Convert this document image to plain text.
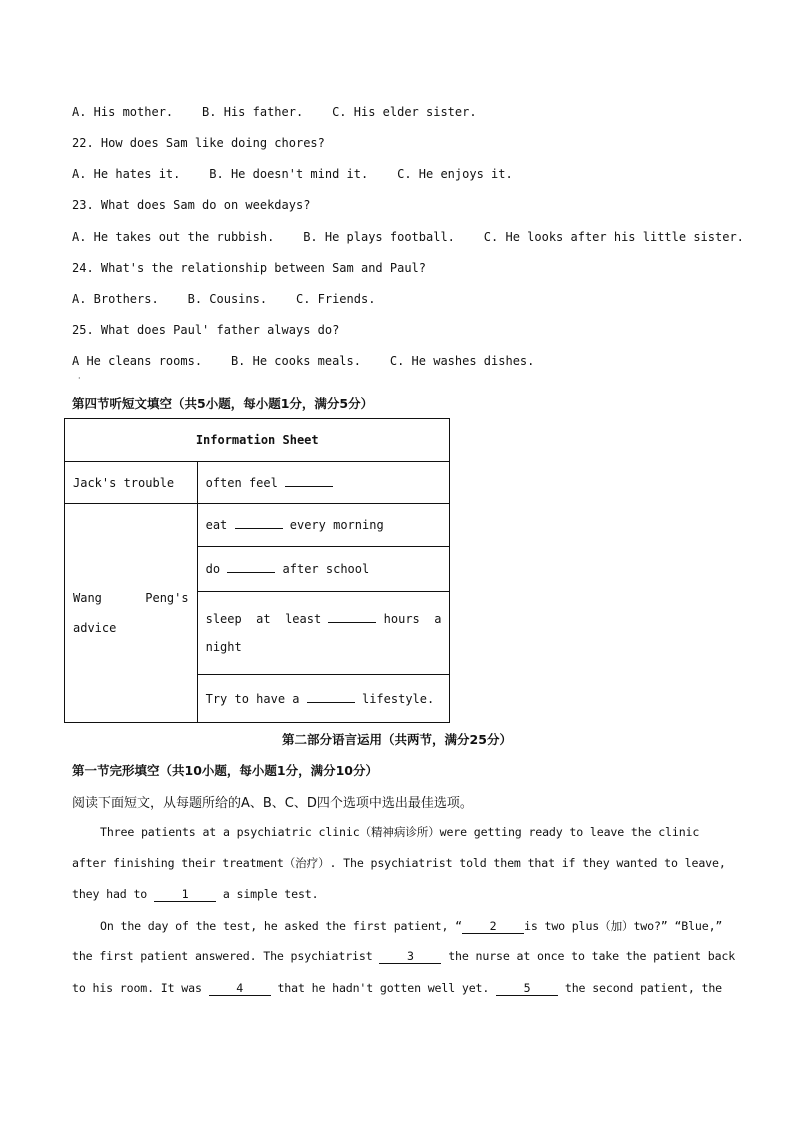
A. His mother.    B. His father.    C. His elder sister.
22. How does Sam like doing chores?
A. He hates it.    B. He doesn't mind it.    C. He enjoys it.
23. What does Sam do on weekdays?
A. He takes out the rubbish.    B. He plays football.    C. He looks after his little sister.
24. What's the relationship between Sam and Paul?
A. Brothers.    B. Cousins.    C. Friends.
25. What does Paul' father always do?
A He cleans rooms.    B. He cooks meals.    C. He washes dishes.
·
第四节听短文填空（共5小题，每小题1分，满分5分）
Information Sheet	
Jack's trouble	often feel

Wang      Peng's
advice	eat every morning
	do after school

	sleep  at  least hours  a
night

	Try to have a lifestyle.
第二部分语言运用（共两节，满分25分）
第一节完形填空（共10小题，每小题1分，满分10分）
阅读下面短文，从每题所给的A、B、C、D四个选项中选出最佳选项。
Three patients at a psychiatric clinic（精神病诊所）were getting ready to leave the clinic
after finishing their treatment（治疗）. The psychiatrist told them that if they wanted to leave,
they had to	1	a simple test.
On the day of the test, he asked the first patient, “ 2 is two plus（加）two?” “Blue,”
the first patient answered. The psychiatrist	3	the nurse at once to take the patient back
to his room. It was	4	that he hadn't gotten well yet.	5	the second patient, the
